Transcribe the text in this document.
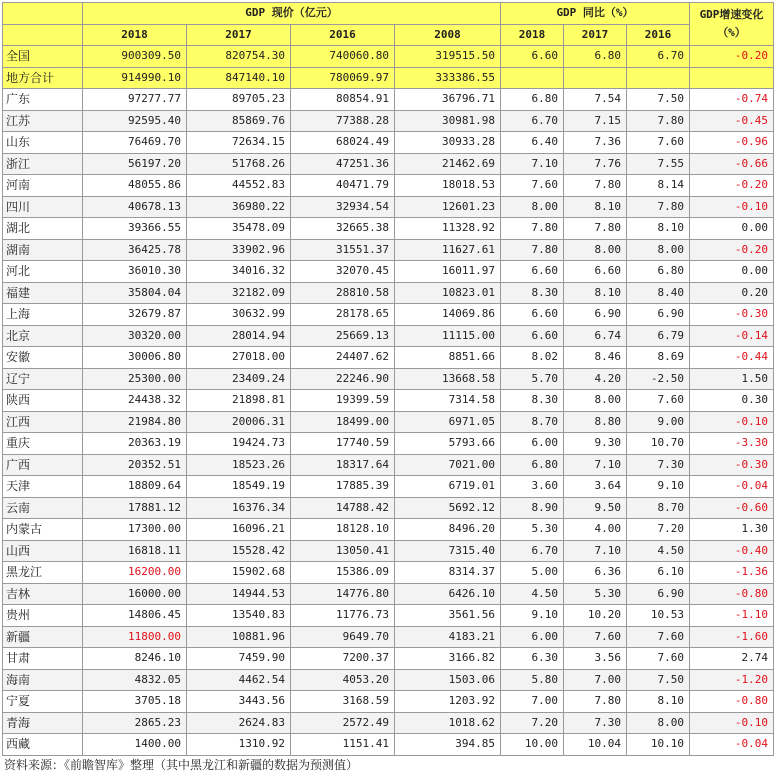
	GDP 现价（亿元）				GDP 同比（%）			GDP增速变化
（%）

	2018	2017	2016	2008	2018	2017	2016	
全国	900309.50	820754.30	740060.80	319515.50	6.60	6.80	6.70	-0.20
地方合计	914990.10	847140.10	780069.97	333386.55				
广东	97277.77	89705.23	80854.91	36796.71	6.80	7.54	7.50	-0.74
江苏	92595.40	85869.76	77388.28	30981.98	6.70	7.15	7.80	-0.45
山东	76469.70	72634.15	68024.49	30933.28	6.40	7.36	7.60	-0.96
浙江	56197.20	51768.26	47251.36	21462.69	7.10	7.76	7.55	-0.66
河南	48055.86	44552.83	40471.79	18018.53	7.60	7.80	8.14	-0.20
四川	40678.13	36980.22	32934.54	12601.23	8.00	8.10	7.80	-0.10
湖北	39366.55	35478.09	32665.38	11328.92	7.80	7.80	8.10	0.00
湖南	36425.78	33902.96	31551.37	11627.61	7.80	8.00	8.00	-0.20
河北	36010.30	34016.32	32070.45	16011.97	6.60	6.60	6.80	0.00
福建	35804.04	32182.09	28810.58	10823.01	8.30	8.10	8.40	0.20
上海	32679.87	30632.99	28178.65	14069.86	6.60	6.90	6.90	-0.30
北京	30320.00	28014.94	25669.13	11115.00	6.60	6.74	6.79	-0.14
安徽	30006.80	27018.00	24407.62	8851.66	8.02	8.46	8.69	-0.44
辽宁	25300.00	23409.24	22246.90	13668.58	5.70	4.20	-2.50	1.50
陕西	24438.32	21898.81	19399.59	7314.58	8.30	8.00	7.60	0.30
江西	21984.80	20006.31	18499.00	6971.05	8.70	8.80	9.00	-0.10
重庆	20363.19	19424.73	17740.59	5793.66	6.00	9.30	10.70	-3.30
广西	20352.51	18523.26	18317.64	7021.00	6.80	7.10	7.30	-0.30
天津	18809.64	18549.19	17885.39	6719.01	3.60	3.64	9.10	-0.04
云南	17881.12	16376.34	14788.42	5692.12	8.90	9.50	8.70	-0.60
内蒙古	17300.00	16096.21	18128.10	8496.20	5.30	4.00	7.20	1.30
山西	16818.11	15528.42	13050.41	7315.40	6.70	7.10	4.50	-0.40
黑龙江	16200.00	15902.68	15386.09	8314.37	5.00	6.36	6.10	-1.36
吉林	16000.00	14944.53	14776.80	6426.10	4.50	5.30	6.90	-0.80
贵州	14806.45	13540.83	11776.73	3561.56	9.10	10.20	10.53	-1.10
新疆	11800.00	10881.96	9649.70	4183.21	6.00	7.60	7.60	-1.60
甘肃	8246.10	7459.90	7200.37	3166.82	6.30	3.56	7.60	2.74
海南	4832.05	4462.54	4053.20	1503.06	5.80	7.00	7.50	-1.20
宁夏	3705.18	3443.56	3168.59	1203.92	7.00	7.80	8.10	-0.80
青海	2865.23	2624.83	2572.49	1018.62	7.20	7.30	8.00	-0.10
西藏	1400.00	1310.92	1151.41	394.85	10.00	10.04	10.10	-0.04
资料来源：《前瞻智库》整理（其中黑龙江和新疆的数据为预测值）
